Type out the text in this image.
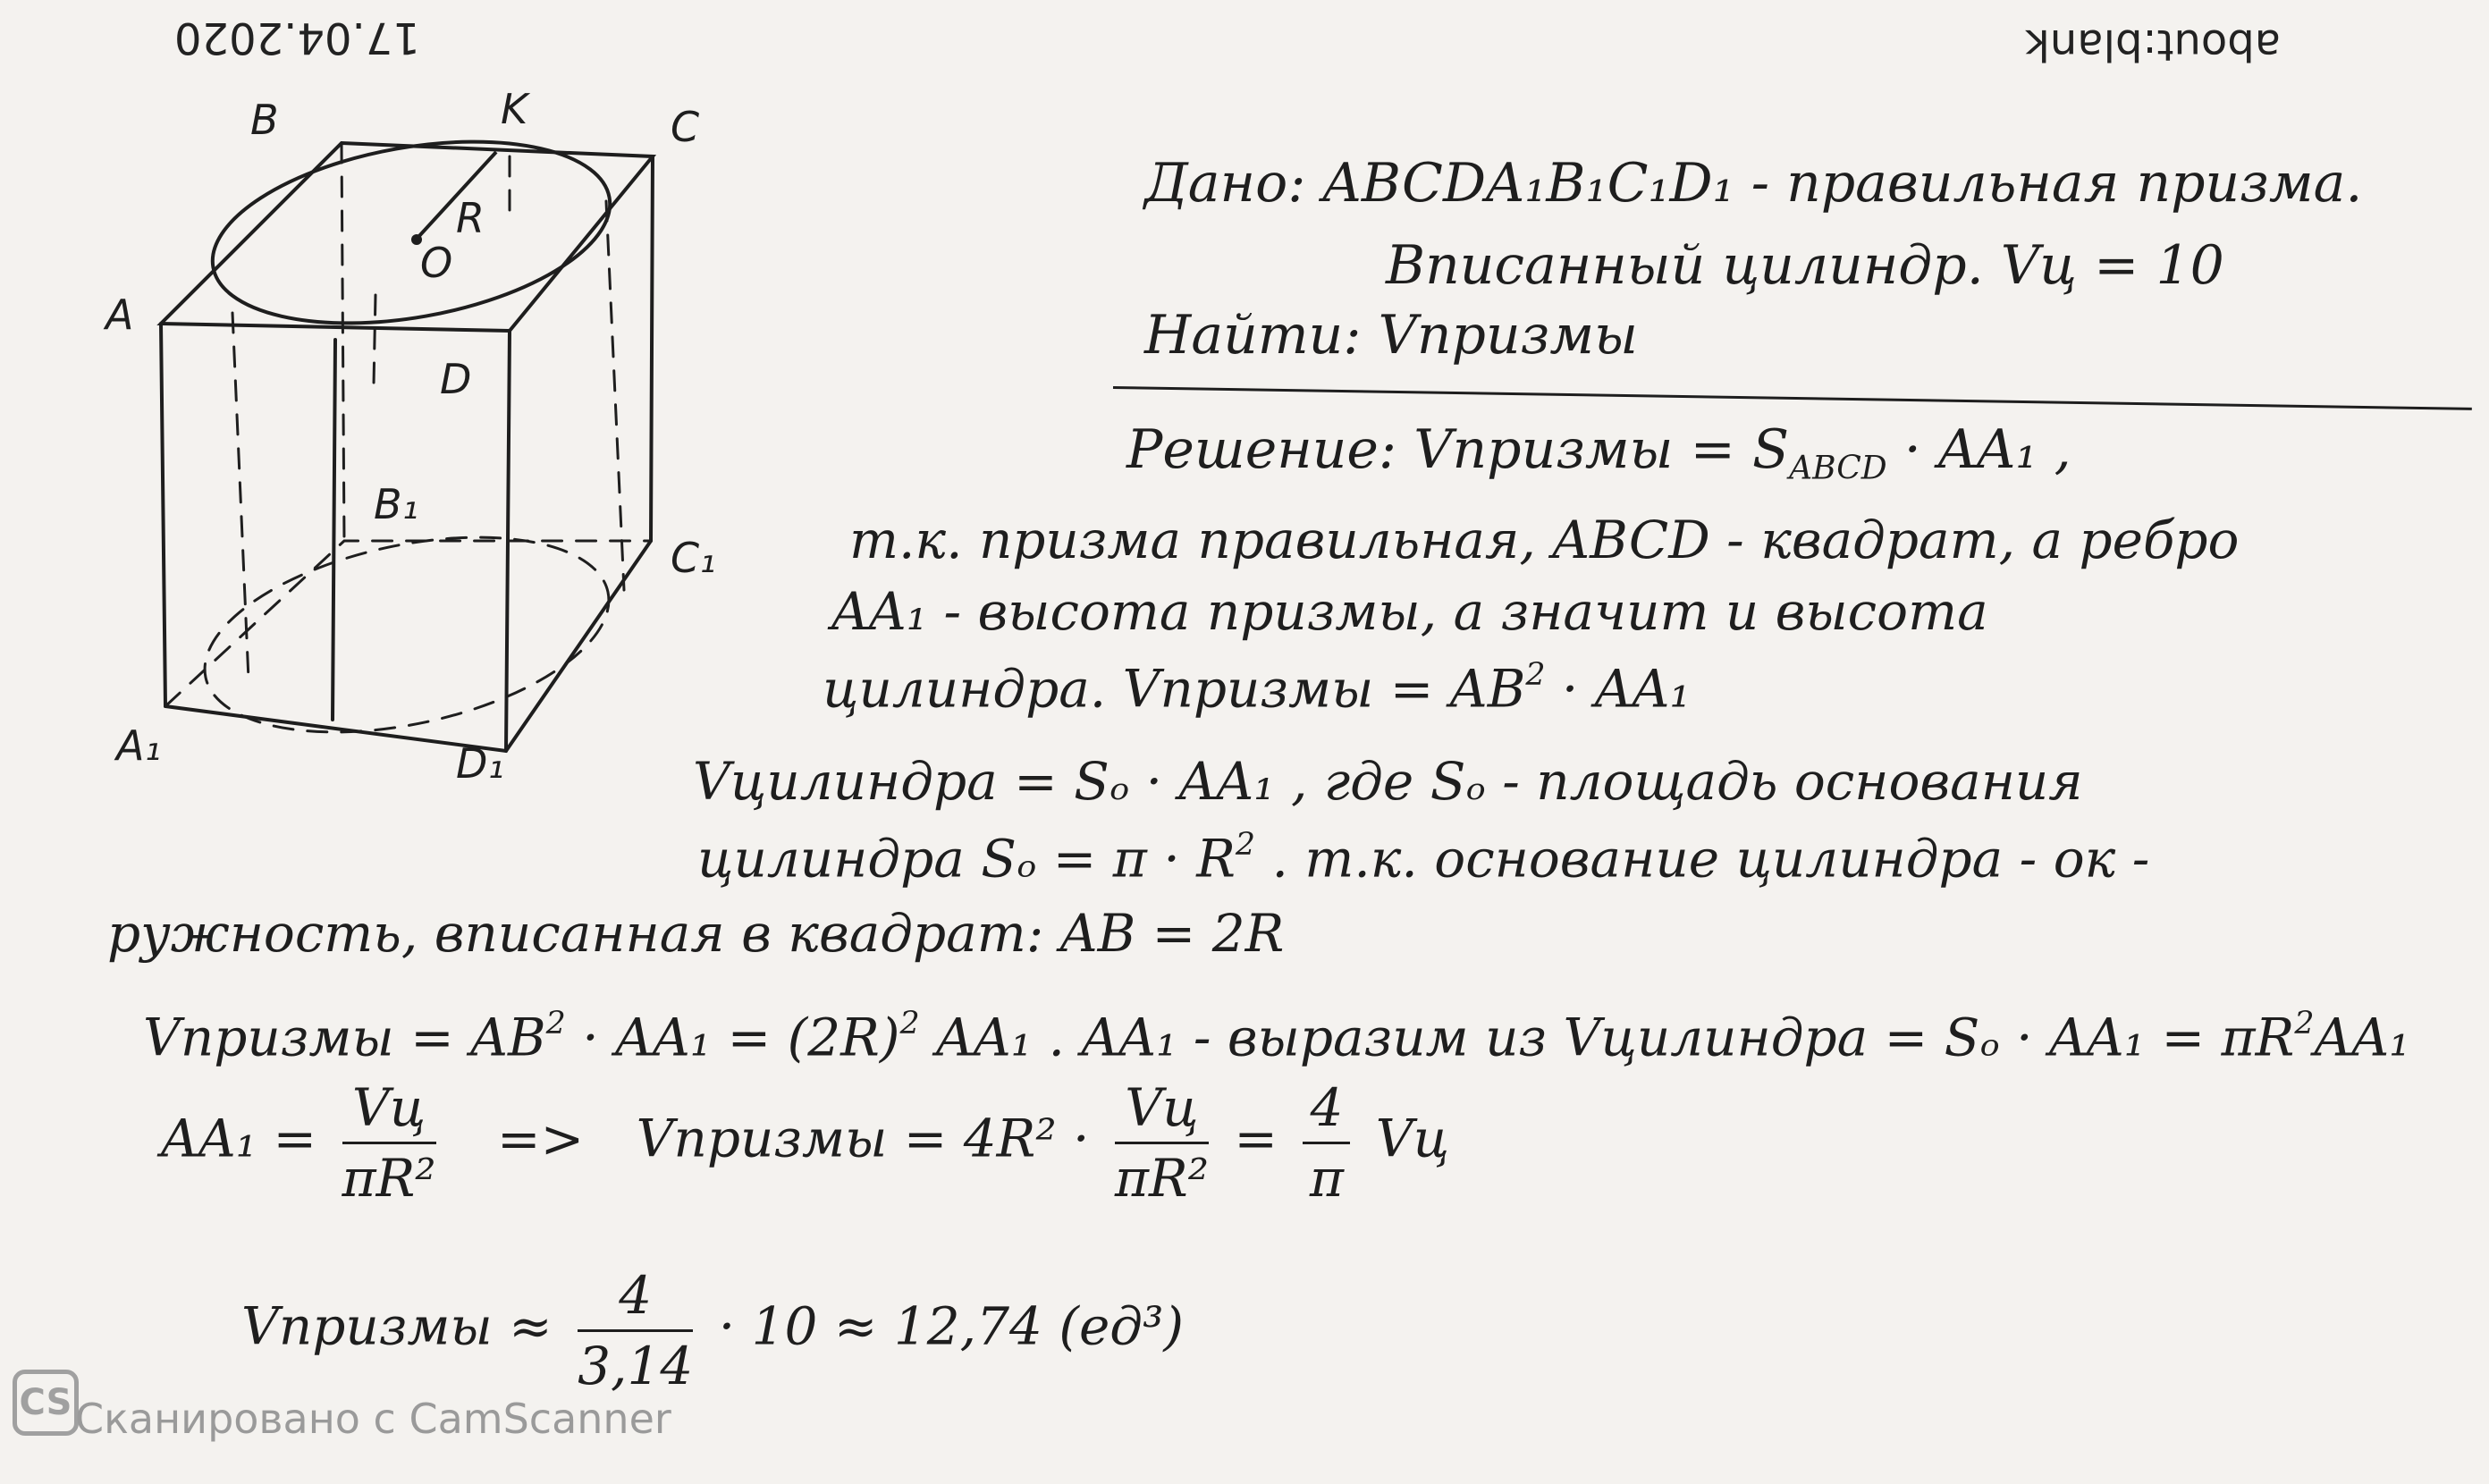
17.04.2020	about:blank
B	K	C
A
R
O
D
B₁
C₁
A₁	D₁
Дано: ABCDA₁B₁C₁D₁ - правильная призма.
Вписанный цилиндр. Vц = 10
Найти: Vпризмы
Решение: Vпризмы = $S_{ABCD} \cdot AA_1$ ,
т.к. призма правильная, ABCD - квадрат, а ребро
AA₁ - высота призмы, а значит и высота
цилиндра. Vпризмы = $AB^2 \cdot AA_1$
Vцилиндра = Sₒ · AA₁ , где Sₒ - площадь основания
цилиндра $S_o = \pi \cdot R^2$ . т.к. основание цилиндра - ок -
ружность, вписанная в квадрат: AB = 2R
Vпризмы = $AB^2 \cdot AA_1 = (2R)^2$ AA₁ . AA₁ - выразим из Vцилиндра = $S_o \cdot AA_1 = \pi R^2AA_1$
$AA_1 = \frac{Vц}{\text{πR²}}$ => Vпризмы = $4R^2 \cdot \frac{Vц}{\text{πR²}} = \frac{4}{\pi}$ Vц
Vпризмы ≈ $\frac{4}{3,14} \cdot 10 \approx 12,74$ (ед³)
CS Сканировано с CamScanner
